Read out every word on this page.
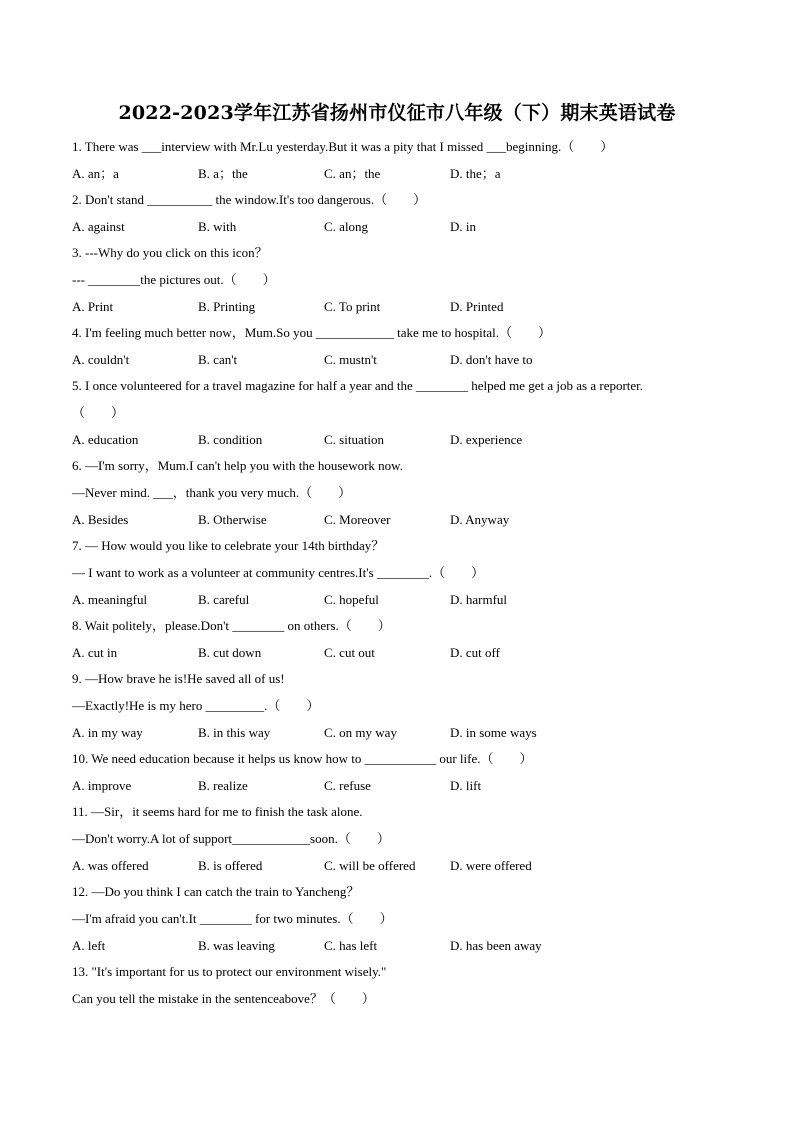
2022-2023学年江苏省扬州市仪征市八年级（下）期末英语试卷
1. There was ___interview with Mr.Lu yesterday.But it was a pity that I missed ___beginning.（　　）
A. an；a	B. a；the	C. an；the	D. the；a
2. Don't stand __________ the window.It's too dangerous.（　　）
A. against	B. with	C. along	D. in
3. ---Why do you click on this icon？
--- ________the pictures out.（　　）
A. Print	B. Printing	C. To print	D. Printed
4. I'm feeling much better now，Mum.So you ____________ take me to hospital.（　　）
A. couldn't	B. can't	C. mustn't	D. don't have to
5. I once volunteered for a travel magazine for half a year and the ________ helped me get a job as a reporter.
（　　）
A. education	B. condition	C. situation	D. experience
6. —I'm sorry，Mum.I can't help you with the housework now.
—Never mind. ___，thank you very much.（　　）
A. Besides	B. Otherwise	C. Moreover	D. Anyway
7. — How would you like to celebrate your 14th birthday？
— I want to work as a volunteer at community centres.It's ________.（　　）
A. meaningful	B. careful	C. hopeful	D. harmful
8. Wait politely，please.Don't ________ on others.（　　）
A. cut in	B. cut down	C. cut out	D. cut off
9. —How brave he is!He saved all of us!
—Exactly!He is my hero _________.（　　）
A. in my way	B. in this way	C. on my way	D. in some ways
10. We need education because it helps us know how to ___________ our life.（　　）
A. improve	B. realize	C. refuse	D. lift
11. —Sir，it seems hard for me to finish the task alone.
—Don't worry.A lot of support____________soon.（　　）
A. was offered	B. is offered	C. will be offered	D. were offered
12. —Do you think I can catch the train to Yancheng？
—I'm afraid you can't.It ________ for two minutes.（　　）
A. left	B. was leaving	C. has left	D. has been away
13. "It's important for us to protect our environment wisely."
Can you tell the mistake in the sentenceabove？（　　）
